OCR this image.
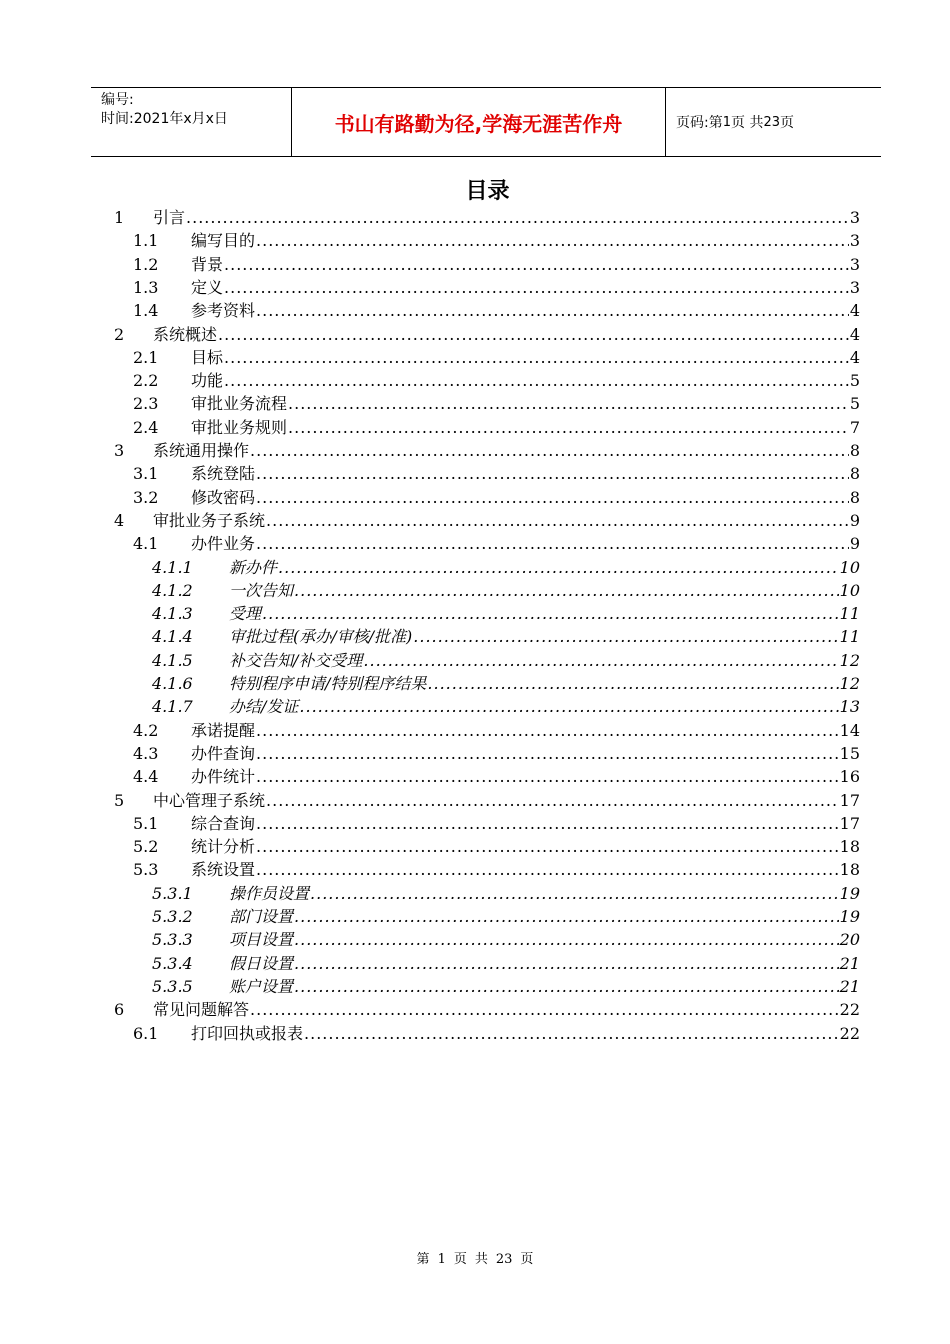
编号:
时间:2021年x月x日	书山有路勤为径,学海无涯苦作舟	页码:第 1 页 共 23 页
目录
1	引言 .....	3
1.1	编写目的 .....	3
1.2	背景 .....	3
1.3	定义 .....	3
1.4	参考资料 .....	4
2	系统概述 .....	4
2.1	目标 .....	4
2.2	功能 .....	5
2.3	审批业务流程 .....	5
2.4	审批业务规则 .....	7
3	系统通用操作 .....	8
3.1	系统登陆 .....	8
3.2	修改密码 .....	8
4	审批业务子系统 .....	9
4.1	办件业务 .....	9
4.1.1	新办件 .....	10
4.1.2	一次告知 .....	10
4.1.3	受理 .....	11
4.1.4	审批过程(承办/审核/批准) .....	11
4.1.5	补交告知/补交受理 .....	12
4.1.6	特别程序申请/特别程序结果 .....	12
4.1.7	办结/发证 .....	13
4.2	承诺提醒 .....	14
4.3	办件查询 .....	15
4.4	办件统计 .....	16
5	中心管理子系统 .....	17
5.1	综合查询 .....	17
5.2	统计分析 .....	18
5.3	系统设置 .....	18
5.3.1	操作员设置 .....	19
5.3.2	部门设置 .....	19
5.3.3	项目设置 .....	20
5.3.4	假日设置 .....	21
5.3.5	账户设置 .....	21
6	常见问题解答 .....	22
6.1	打印回执或报表 .....	22
第 1 页 共 23 页
